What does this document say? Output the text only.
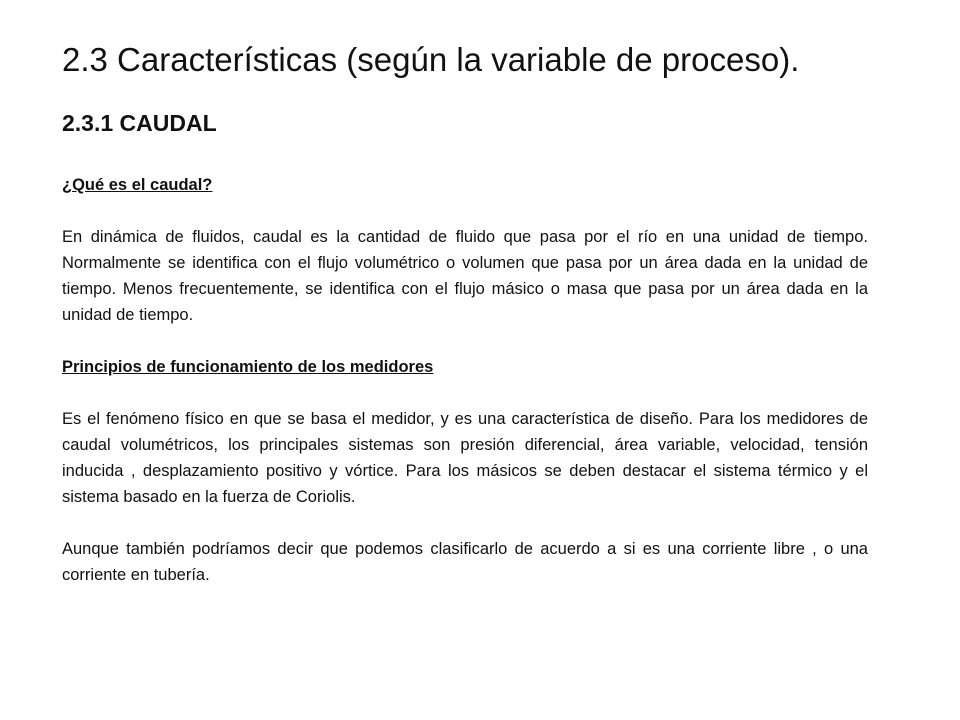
2.3 Características (según la variable de proceso).
2.3.1 CAUDAL

¿Qué es el caudal?

En dinámica de fluidos, caudal es la cantidad de fluido que pasa por el río en una unidad de tiempo. Normalmente se identifica con el flujo volumétrico o volumen que pasa por un área dada en la unidad de tiempo. Menos frecuentemente, se identifica con el flujo másico o masa que pasa por un área dada en la unidad de tiempo.

Principios de funcionamiento de los medidores

Es el fenómeno físico en que se basa el medidor, y es una característica de diseño. Para los medidores de caudal volumétricos, los principales sistemas son presión diferencial, área variable, velocidad, tensión inducida , desplazamiento positivo y vórtice. Para los másicos se deben destacar el sistema térmico y el sistema basado en la fuerza de Coriolis.

Aunque también podríamos decir que podemos clasificarlo de acuerdo a si es una corriente libre , o una corriente en tubería.
